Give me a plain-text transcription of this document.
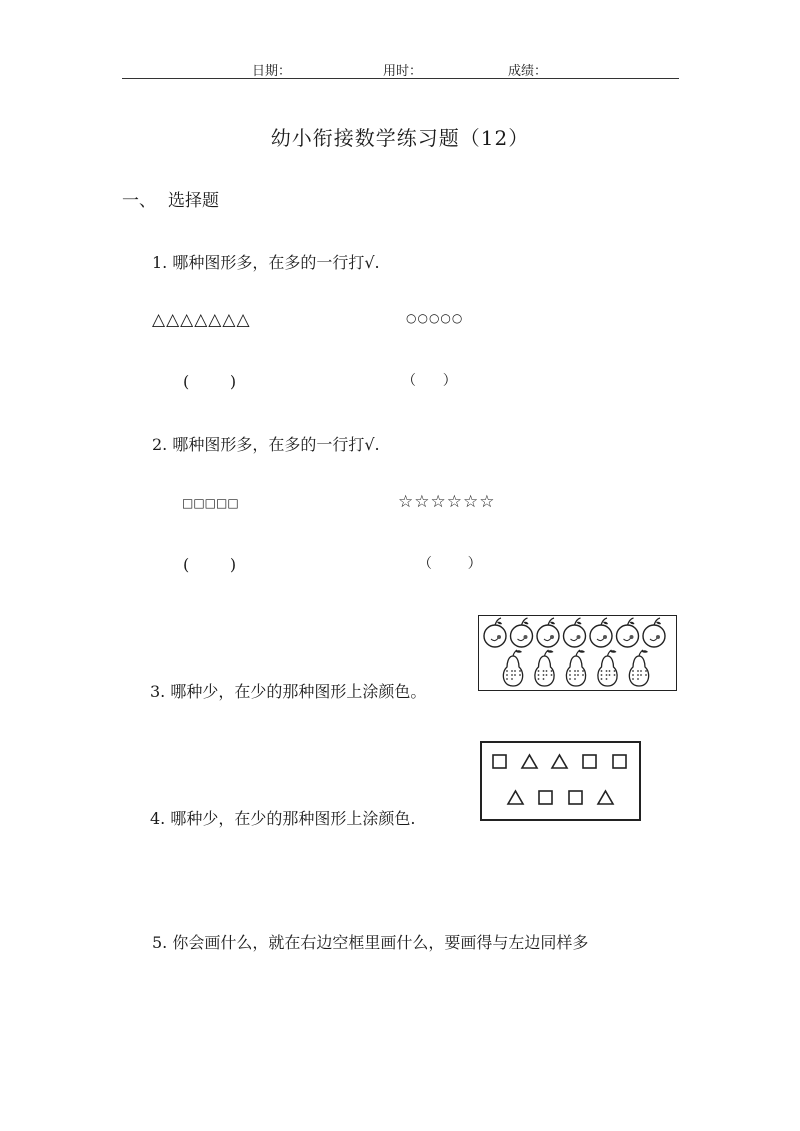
日期：	用时：	成绩：
幼小衔接数学练习题（12）
一、 选择题
1. 哪种图形多，在多的一行打√.
△△△△△△△	○○○○○
(        )	（      ）
2. 哪种图形多，在多的一行打√.
□□□□□	☆☆☆☆☆☆
(        )	（        ）
3. 哪种少，在少的那种图形上涂颜色。
4. 哪种少，在少的那种图形上涂颜色.
5. 你会画什么，就在右边空框里画什么，要画得与左边同样多
